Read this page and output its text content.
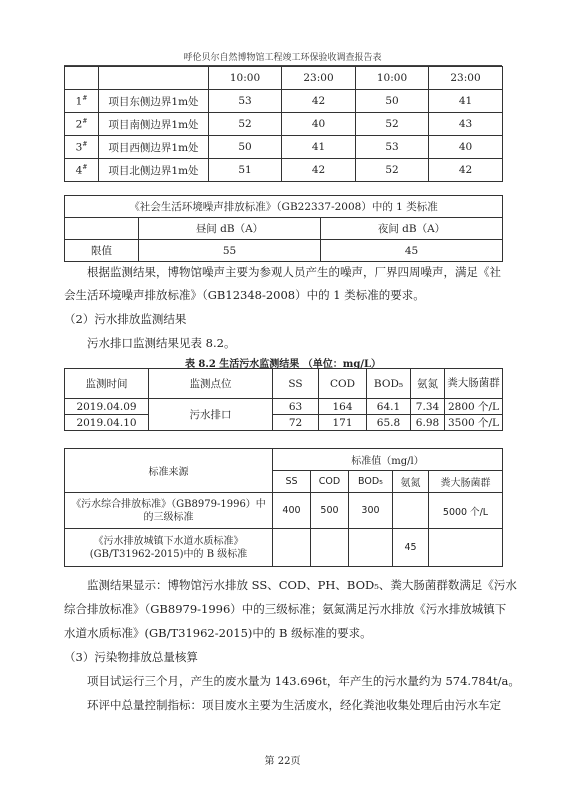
呼伦贝尔自然博物馆工程竣工环保验收调查报告表
		10:00	23:00	10:00	23:00
1#	项目东侧边界1m处	53	42	50	41
2#	项目南侧边界1m处	52	40	52	43
3#	项目西侧边界1m处	50	41	53	40
4#	项目北侧边界1m处	51	42	52	42
《社会生活环境噪声排放标准》（GB22337-2008）中的 1 类标准		
	昼间 dB（A）	夜间 dB（A）
限值	55	45
根据监测结果，博物馆噪声主要为参观人员产生的噪声，厂界四周噪声，满足《社
会生活环境噪声排放标准》（GB12348-2008）中的 1 类标准的要求。
（2）污水排放监测结果
污水排口监测结果见表 8.2。
表 8.2 生活污水监测结果 （单位：mg/L）
监测时间	监测点位	SS	COD	BOD₅	氨氮	粪大肠菌群
2019.04.09	污水排口	63	164	64.1	7.34	2800 个/L
2019.04.10		72	171	65.8	6.98	3500 个/L
标准来源	标准值（mg/l）				
	SS	COD	BOD₅	氨氮	粪大肠菌群
《污水综合排放标准》（GB8979-1996）中的三级标准	400	500	300		5000 个/L
《污水排放城镇下水道水质标准》(GB/T31962-2015)中的 B 级标准				45	
监测结果显示：博物馆污水排放 SS、COD、PH、BOD₅、粪大肠菌群数满足《污水
综合排放标准》（GB8979-1996）中的三级标准；氨氮满足污水排放《污水排放城镇下
水道水质标准》(GB/T31962-2015)中的 B 级标准的要求。
（3）污染物排放总量核算
项目试运行三个月，产生的废水量为 143.696t，年产生的污水量约为 574.784t/a。
环评中总量控制指标：项目废水主要为生活废水，经化粪池收集处理后由污水车定
第 22页
